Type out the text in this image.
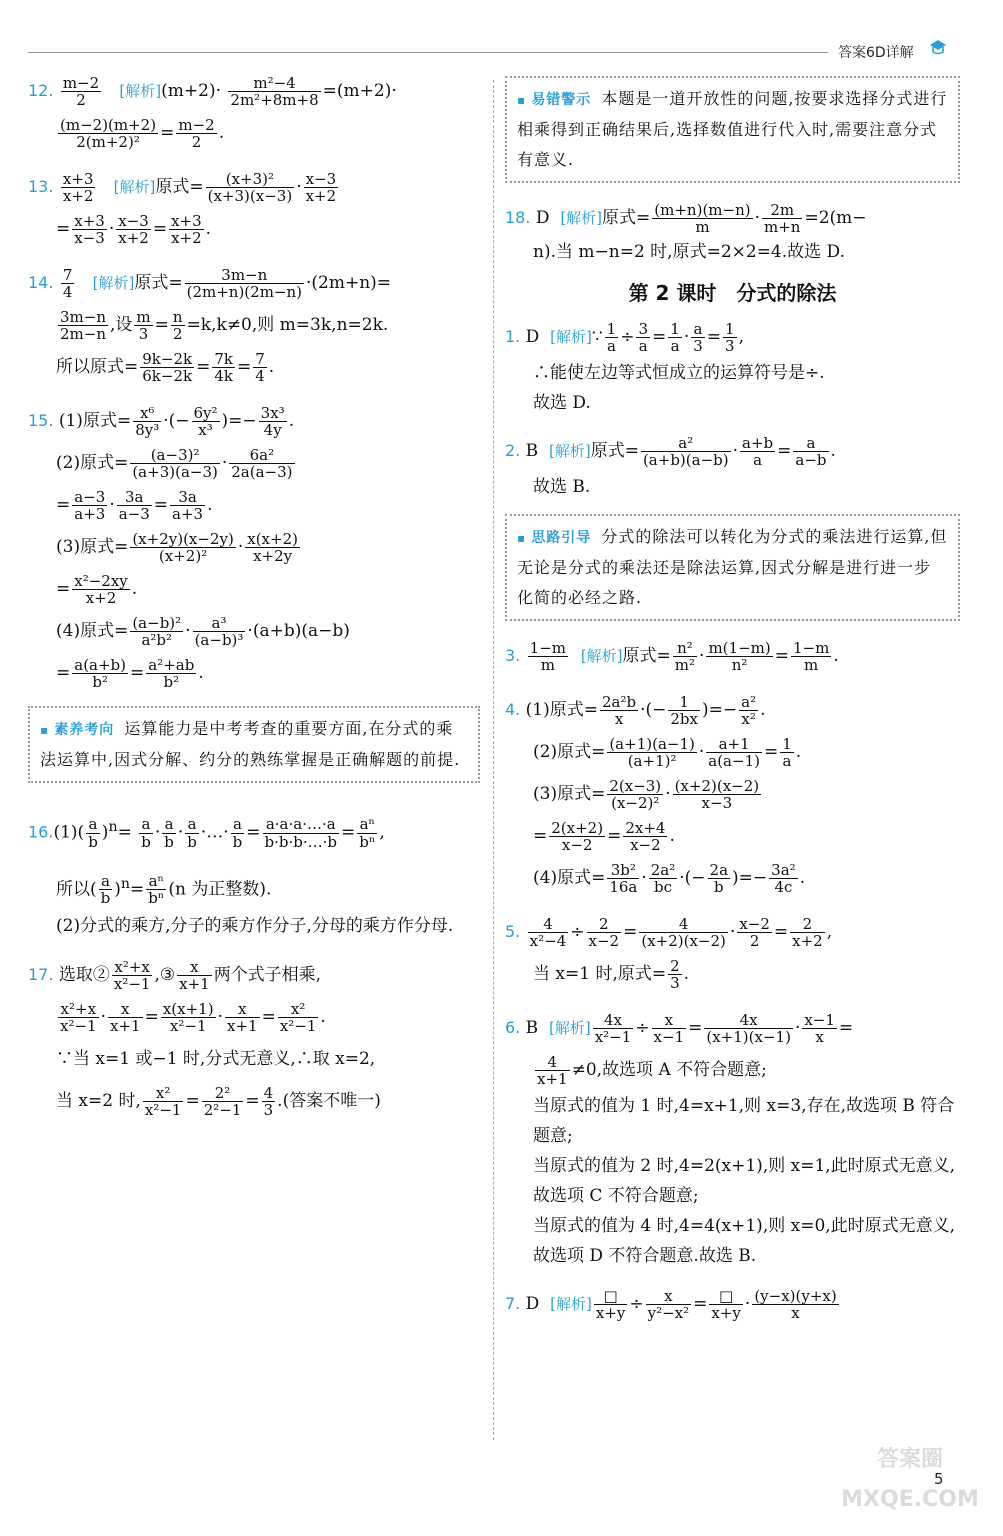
答案6D详解
12. $\frac{m-2}{2}$ [解析]$(m+2)\cdot \frac{\text{m²−4}}{\text{2m²+8m+8}} =(m+2)\cdot$
$\frac{(m-2)(m+2)}{\text{2(m+2)²}} = \frac{m-2}{2}$ .
13. $\frac{x+3}{x+2}$ [解析]原式= $\frac{\text{(x+3)²}}{(x+3)(x-3)} \cdot \frac{x-3}{x+2}$
= $\frac{x+3}{x-3} \cdot \frac{x-3}{x+2} = \frac{x+3}{x+2}$ .
14. $\frac{7}{4}$ [解析]原式= $\frac{3m-n}{(2m+n)(2m-n)} \cdot(2m+n)=$
$\frac{3m-n}{2m-n}$ ,设 $\frac{m}{3} = \frac{n}{2} =k,k\ne 0$,则 m=3k,n=2k.
所以原式= $\frac{9k-2k}{6k-2k} = \frac{7k}{4k} = \frac{7}{4}$ .
15. (1)原式= $\frac{\text{x⁶}}{\text{8y³}}$ ·(− $\frac{\text{6y²}}{\text{x³}}$ )=− $\frac{\text{3x³}}{4y}$ .
(2)原式= $\frac{\text{(a−3)²}}{(a+3)(a-3)} \cdot \frac{\text{6a²}}{2a(a-3)}$
= $\frac{a-3}{a+3} \cdot \frac{3a}{a-3} = \frac{3a}{a+3}$ .
(3)原式= $\frac{(x+2y)(x-2y)}{\text{(x+2)²}} \cdot \frac{x(x+2)}{x+2y}$
= $\frac{\text{x²−2xy}}{x+2}$ .
(4)原式= $\frac{\text{(a−b)²}}{\text{a²b²}} \cdot \frac{\text{a³}}{\text{(a−b)³}} \cdot(a+b)(a-b)$
= $\frac{a(a+b)}{\text{b²}} = \frac{\text{a²+ab}}{\text{b²}}$ .
▪ 素养考向 运算能力是中考考查的重要方面,在分式的乘法运算中,因式分解、约分的熟练掌握是正确解题的前提.
$16.(1)( \frac{a}{b} )^n= \frac{a}{b} \cdot \frac{a}{b} \cdot \frac{a}{b}$ ·…· $\frac{a}{b} = \frac{a\cdot a\cdot a\cdot\dots\cdot a}{b\cdot b\cdot b\cdot\dots\cdot b} = \frac{\text{aⁿ}}{\text{bⁿ}}$ ,
所以( $\frac{a}{b} )^n= \frac{\text{aⁿ}}{\text{bⁿ}} (n$ 为正整数).
(2)分式的乘方,分子的乘方作分子,分母的乘方作分母.
17. 选取② $\frac{\text{x²+x}}{\text{x²−1}}$ ,③ $\frac{x}{x+1}$ 两个式子相乘,
$\frac{\text{x²+x}}{\text{x²−1}} \cdot \frac{x}{x+1} = \frac{x(x+1)}{\text{x²−1}} \cdot \frac{x}{x+1} = \frac{\text{x²}}{\text{x²−1}}$ .
∵当 x=1 或−1 时,分式无意义,∴取 x=2,
当 x=2 时, $\frac{\text{x²}}{\text{x²−1}} = \frac{\text{2²}}{\text{2²−1}} = \frac{4}{3}$ .(答案不唯一)
▪ 易错警示 本题是一道开放性的问题,按要求选择分式进行相乘得到正确结果后,选择数值进行代入时,需要注意分式有意义.
18. D [解析]原式= $\frac{(m+n)(m-n)}{m} \cdot \frac{2m}{m+n} =2(m-$
n).当 m−n=2 时,原式=2×2=4.故选 D.
第 2 课时　分式的除法
1. D [解析]∵ $\frac{1}{a} \div \frac{3}{a} = \frac{1}{a} \cdot \frac{a}{3} = \frac{1}{3}$ ,
∴能使左边等式恒成立的运算符号是÷.
故选 D.
2. B [解析]原式= $\frac{\text{a²}}{(a+b)(a-b)} \cdot \frac{a+b}{a} = \frac{a}{a-b}$ .
故选 B.
▪ 思路引导 分式的除法可以转化为分式的乘法进行运算,但无论是分式的乘法还是除法运算,因式分解是进行进一步化简的必经之路.
3. $\frac{1-m}{m}$ [解析]原式= $\frac{\text{n²}}{\text{m²}} \cdot \frac{m(1-m)}{\text{n²}} = \frac{1-m}{m}$ .
4. (1)原式= $\frac{\text{2a²b}}{x}$ ·(− $\frac{1}{2bx}$ )=− $\frac{\text{a²}}{\text{x²}}$ .
(2)原式= $\frac{(a+1)(a-1)}{\text{(a+1)²}} \cdot \frac{a+1}{a(a-1)} = \frac{1}{a}$ .
(3)原式= $\frac{2(x-3)}{\text{(x−2)²}} \cdot \frac{(x+2)(x-2)}{x-3}$
= $\frac{2(x+2)}{x-2} = \frac{2x+4}{x-2}$ .
(4)原式= $\frac{\text{3b²}}{16a} \cdot \frac{\text{2a²}}{bc}$ ·(− $\frac{2a}{b}$ )=− $\frac{\text{3a²}}{4c}$ .
5. $\frac{4}{\text{x²−4}} \div \frac{2}{x-2} = \frac{4}{(x+2)(x-2)} \cdot \frac{x-2}{2} = \frac{2}{x+2}$ ,
当 x=1 时,原式= $\frac{2}{3}$ .
6. B [解析] $\frac{4x}{\text{x²−1}} \div \frac{x}{x-1} = \frac{4x}{(x+1)(x-1)} \cdot \frac{x-1}{x}$ =
$\frac{4}{x+1} \ne 0$,故选项 A 不符合题意;
当原式的值为 1 时,4=x+1,则 x=3,存在,故选项 B 符合题意;
当原式的值为 2 时,4=2(x+1),则 x=1,此时原式无意义,故选项 C 不符合题意;
当原式的值为 4 时,4=4(x+1),则 x=0,此时原式无意义,故选项 D 不符合题意.故选 B.
7. D [解析] $\frac{□}{x+y} \div \frac{x}{\text{y²−x²}} = \frac{□}{x+y} \cdot \frac{(y-x)(y+x)}{x}$
答案圈
MXQE.COM
5
